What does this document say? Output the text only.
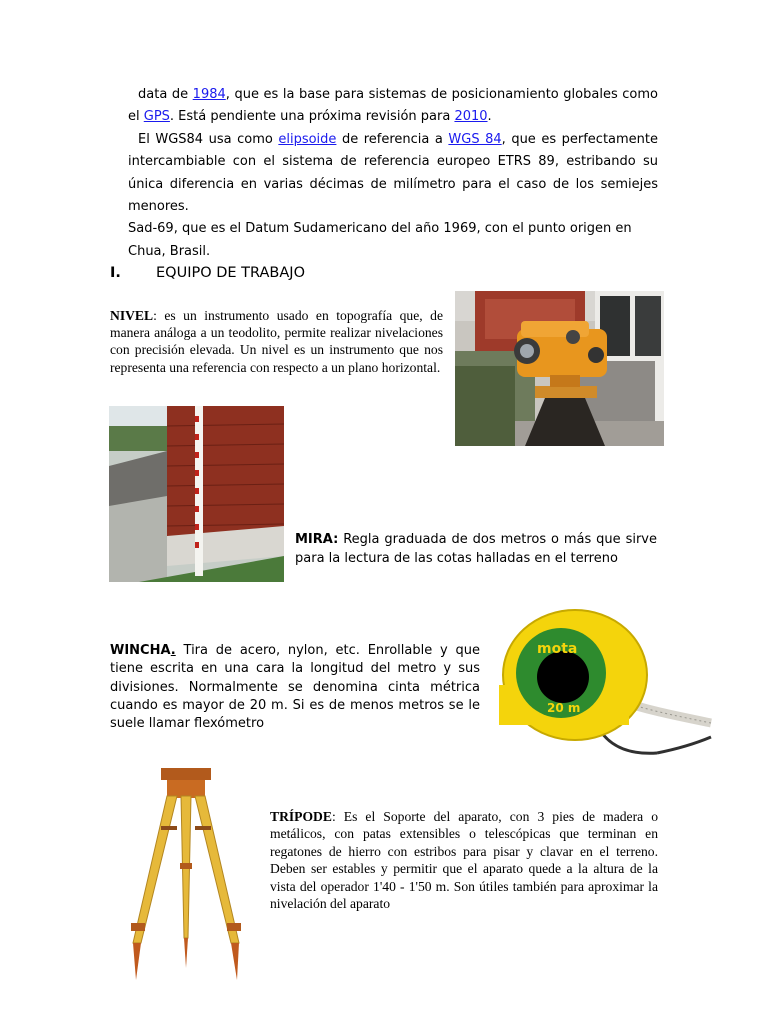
data de 1984, que es la base para sistemas de posicionamiento globales como el GPS. Está pendiente una próxima revisión para 2010.

El WGS84 usa como elipsoide de referencia a WGS 84, que es perfectamente intercambiable con el sistema de referencia europeo ETRS 89, estribando su única diferencia en varias décimas de milímetro para el caso de los semiejes menores.

Sad-69, que es el Datum Sudamericano del año 1969, con el punto origen en

Chua, Brasil.

I. EQUIPO DE TRABAJO
NIVEL: es un instrumento usado en topografía que, de manera análoga a un teodolito, permite realizar nivelaciones con precisión elevada. Un nivel es un instrumento que nos representa una referencia con respecto a un plano horizontal.
MIRA: Regla graduada de dos metros o más que sirve para la lectura de las cotas halladas en el terreno
WINCHA. Tira de acero, nylon, etc. Enrollable y que tiene escrita en una cara la longitud del metro y sus divisiones. Normalmente se denomina cinta métrica cuando es mayor de 20 m. Si es de menos metros se le suele llamar flexómetro
mota
20 m
TRÍPODE: Es el Soporte del aparato, con 3 pies de madera o metálicos, con patas extensibles o telescópicas que terminan en regatones de hierro con estribos para pisar y clavar en el terreno. Deben ser estables y permitir que el aparato quede a la altura de la vista del operador 1'40 - 1'50 m. Son útiles también para aproximar la nivelación del aparato
